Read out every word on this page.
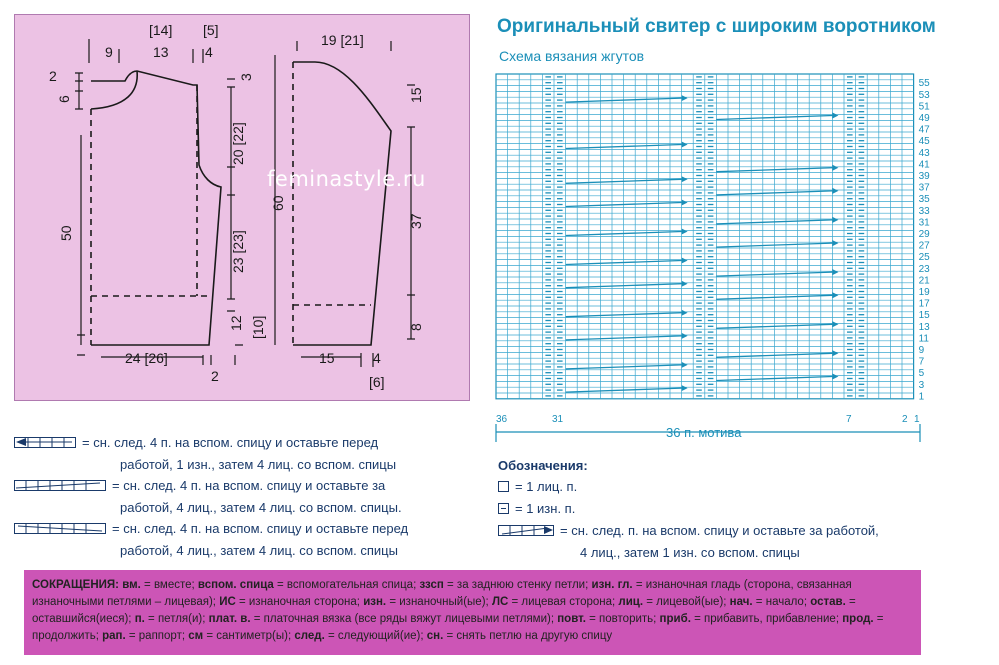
9	13	4
[14] [5]
2
6
50
3
20 [22]
23 [23]
12 [10]
24 [26]
2
19 [21]
60
15
37
8
15	4
[6]
feminastyle.ru
Оригинальный свитер с широким воротником
Схема вязания жгутов
55
53
51
49
47
45
43
41
39
37
35
33
31
29
27
25
23
21
19
17
15
13
11
9
7
5
3
1
36	31	7	2 1
36 п. мотива
Обозначения:
= 1 лиц. п.
= 1 изн. п.
= сн. след. п. на вспом. спицу и оставьте за работой,
4 лиц., затем 1 изн. со вспом. спицы
= сн. след. 4 п. на вспом. спицу и оставьте перед
работой, 1 изн., затем 4 лиц. со вспом. спицы
= сн. след. 4 п. на вспом. спицу и оставьте за
работой, 4 лиц., затем 4 лиц. со вспом. спицы.
= сн. след. 4 п. на вспом. спицу и оставьте перед
работой, 4 лиц., затем 4 лиц. со вспом. спицы
СОКРАЩЕНИЯ: вм. = вместе; вспом. спица = вспомогательная спица; ззсп = за заднюю стенку петли; изн. гл. = изнаночная гладь (сторона, связанная изнаночными петлями – лицевая); ИС = изнаночная сторона; изн. = изнаночный(ые); ЛС = лицевая сторона; лиц. = лицевой(ые); нач. = начало; остав. = оставшийся(иеся); п. = петля(и); плат. в. = платочная вязка (все ряды вяжут лицевыми петлями); повт. = повторить; приб. = прибавить, прибавление; прод. = продолжить; рап. = раппорт; см = сантиметр(ы); след. = следующий(ие); сн. = снять петлю на другую спицу
